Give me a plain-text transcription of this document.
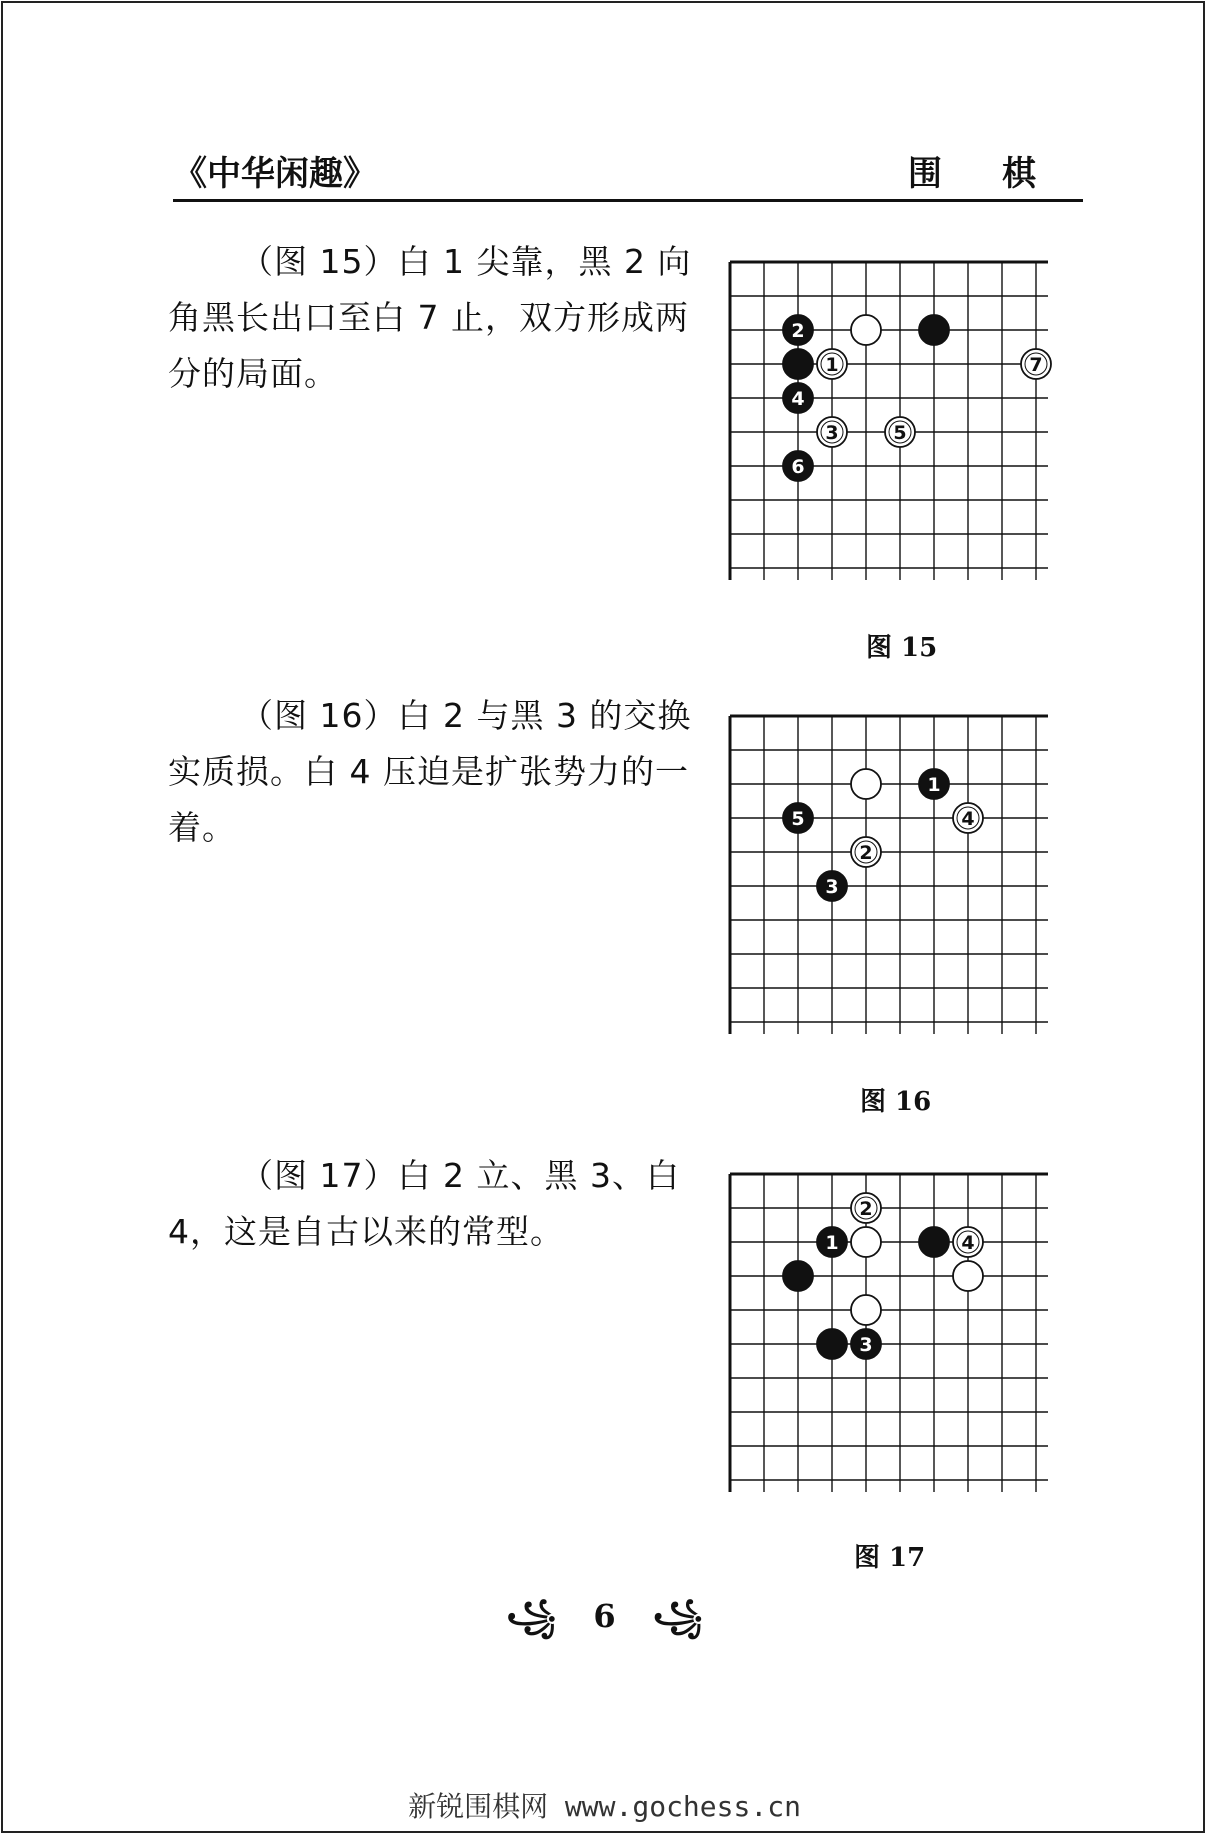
《中华闲趣》	围棋
（图 15）白 1 尖靠，黑 2 向角黑长出口至白 7 止，双方形成两分的局面。
2
1	7
4
3	5
6
图 15
（图 16）白 2 与黑 3 的交换实质损。白 4 压迫是扩张势力的一着。
1
5	4
2
3
图 16
（图 17）白 2 立、黑 3、白 4，这是自古以来的常型。
2
1	4
3
图 17
꧁ 6 ꧁
新锐围棋网 www.gochess.cn
